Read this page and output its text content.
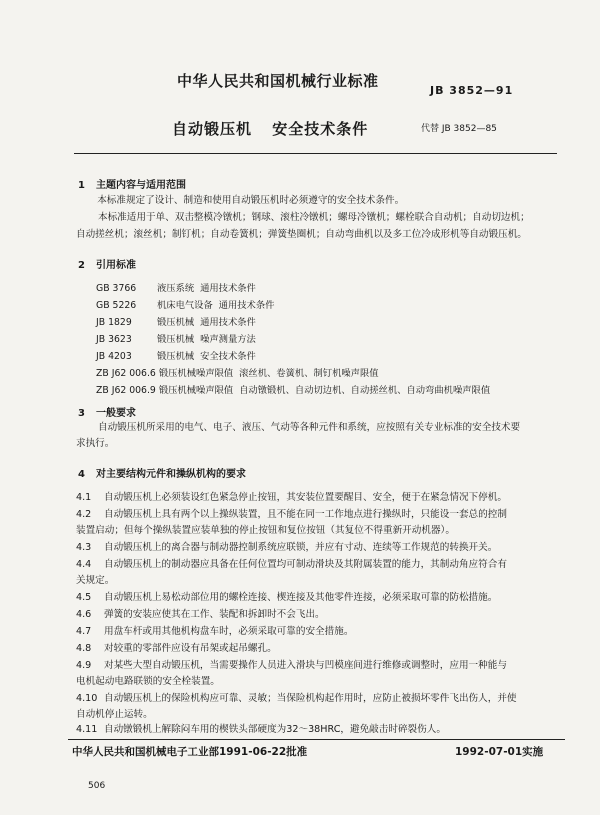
中华人民共和国机械行业标准
JB 3852—91
自动锻压机 安全技术条件	代替 JB 3852—85
1 主题内容与适用范围
本标准规定了设计、制造和使用自动锻压机时必须遵守的安全技术条件。
本标准适用于单、双击整模冷镦机；钢球、滚柱冷镦机；螺母冷镦机；螺栓联合自动机；自动切边机；
自动搓丝机；滚丝机；制钉机；自动卷簧机；弹簧垫圈机；自动弯曲机以及多工位冷成形机等自动锻压机。
2 引用标准
GB 3766 液压系统  通用技术条件
GB 5226 机床电气设备  通用技术条件
JB 1829	锻压机械  通用技术条件
JB 3623	锻压机械  噪声测量方法
JB 4203	锻压机械  安全技术条件
ZB J62 006.6 锻压机械噪声限值  滚丝机、卷簧机、制钉机噪声限值
ZB J62 006.9 锻压机械噪声限值  自动镦锻机、自动切边机、自动搓丝机、自动弯曲机噪声限值
3 一般要求
自动锻压机所采用的电气、电子、液压、气动等各种元件和系统，应按照有关专业标准的安全技术要
求执行。
4 对主要结构元件和操纵机构的要求
4.1 自动锻压机上必须装设红色紧急停止按钮，其安装位置要醒目、安全，便于在紧急情况下停机。
4.2 自动锻压机上具有两个以上操纵装置，且不能在同一工作地点进行操纵时，只能设一套总的控制
装置启动；但每个操纵装置应装单独的停止按钮和复位按钮（其复位不得重新开动机器）。
4.3 自动锻压机上的离合器与制动器控制系统应联锁，并应有寸动、连续等工作规范的转换开关。
4.4 自动锻压机上的制动器应具备在任何位置均可制动滑块及其附属装置的能力，其制动角应符合有
关规定。
4.5 自动锻压机上易松动部位用的螺栓连接、楔连接及其他零件连接，必须采取可靠的防松措施。
4.6 弹簧的安装应使其在工作、装配和拆卸时不会飞出。
4.7 用盘车杆或用其他机构盘车时，必须采取可靠的安全措施。
4.8 对较重的零部件应设有吊架或起吊螺孔。
4.9 对某些大型自动锻压机，当需要操作人员进入滑块与凹模座间进行维修或调整时，应用一种能与
电机起动电路联锁的安全栓装置。
4.10 自动锻压机上的保险机构应可靠、灵敏；当保险机构起作用时，应防止被损坏零件飞出伤人，并使
自动机停止运转。
4.11 自动镦锻机上解除闷车用的楔铁头部硬度为32～38HRC，避免敲击时碎裂伤人。
中华人民共和国机械电子工业部1991-06-22批准	1992-07-01实施
506
